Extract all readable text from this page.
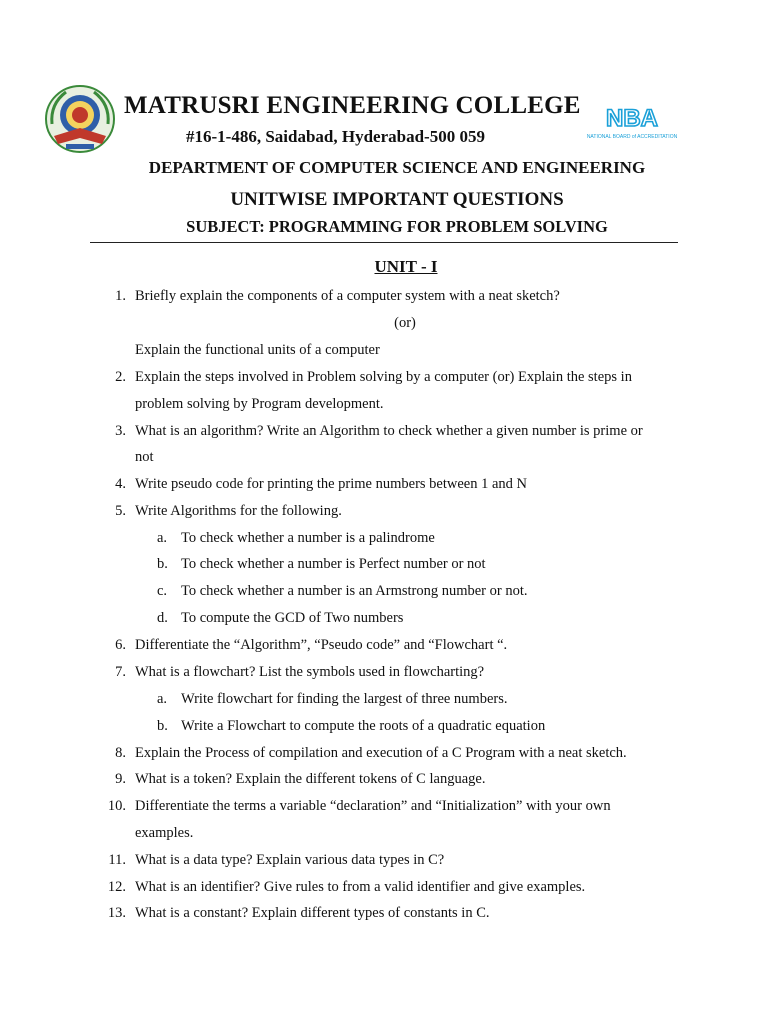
MATRUSRI ENGINEERING COLLEGE
#16-1-486, Saidabad, Hyderabad-500 059
NBA
NATIONAL BOARD of ACCREDITATION
DEPARTMENT OF COMPUTER SCIENCE AND ENGINEERING
UNITWISE IMPORTANT QUESTIONS
SUBJECT: PROGRAMMING FOR PROBLEM SOLVING
UNIT - I
1. Briefly explain the components of a computer system with a neat sketch?
(or)
Explain the functional units of a computer
2. Explain the steps involved in Problem solving by a computer (or) Explain the steps in
problem solving by Program development.
3. What is an algorithm? Write an Algorithm to check whether a given number is prime or
not
4. Write pseudo code for printing the prime numbers between 1 and N
5. Write Algorithms for the following.
a. To check whether a number is a palindrome
b. To check whether a number is Perfect number or not
c. To check whether a number is an Armstrong number or not.
d. To compute the GCD of Two numbers
6. Differentiate the “Algorithm”, “Pseudo code” and “Flowchart “.
7. What is a flowchart? List the symbols used in flowcharting?
a. Write flowchart for finding the largest of three numbers.
b. Write a Flowchart to compute the roots of a quadratic equation
8. Explain the Process of compilation and execution of a C Program with a neat sketch.
9. What is a token? Explain the different tokens of C language.
10. Differentiate the terms a variable “declaration” and “Initialization” with your own
examples.
11. What is a data type? Explain various data types in C?
12. What is an identifier? Give rules to from a valid identifier and give examples.
13. What is a constant? Explain different types of constants in C.
